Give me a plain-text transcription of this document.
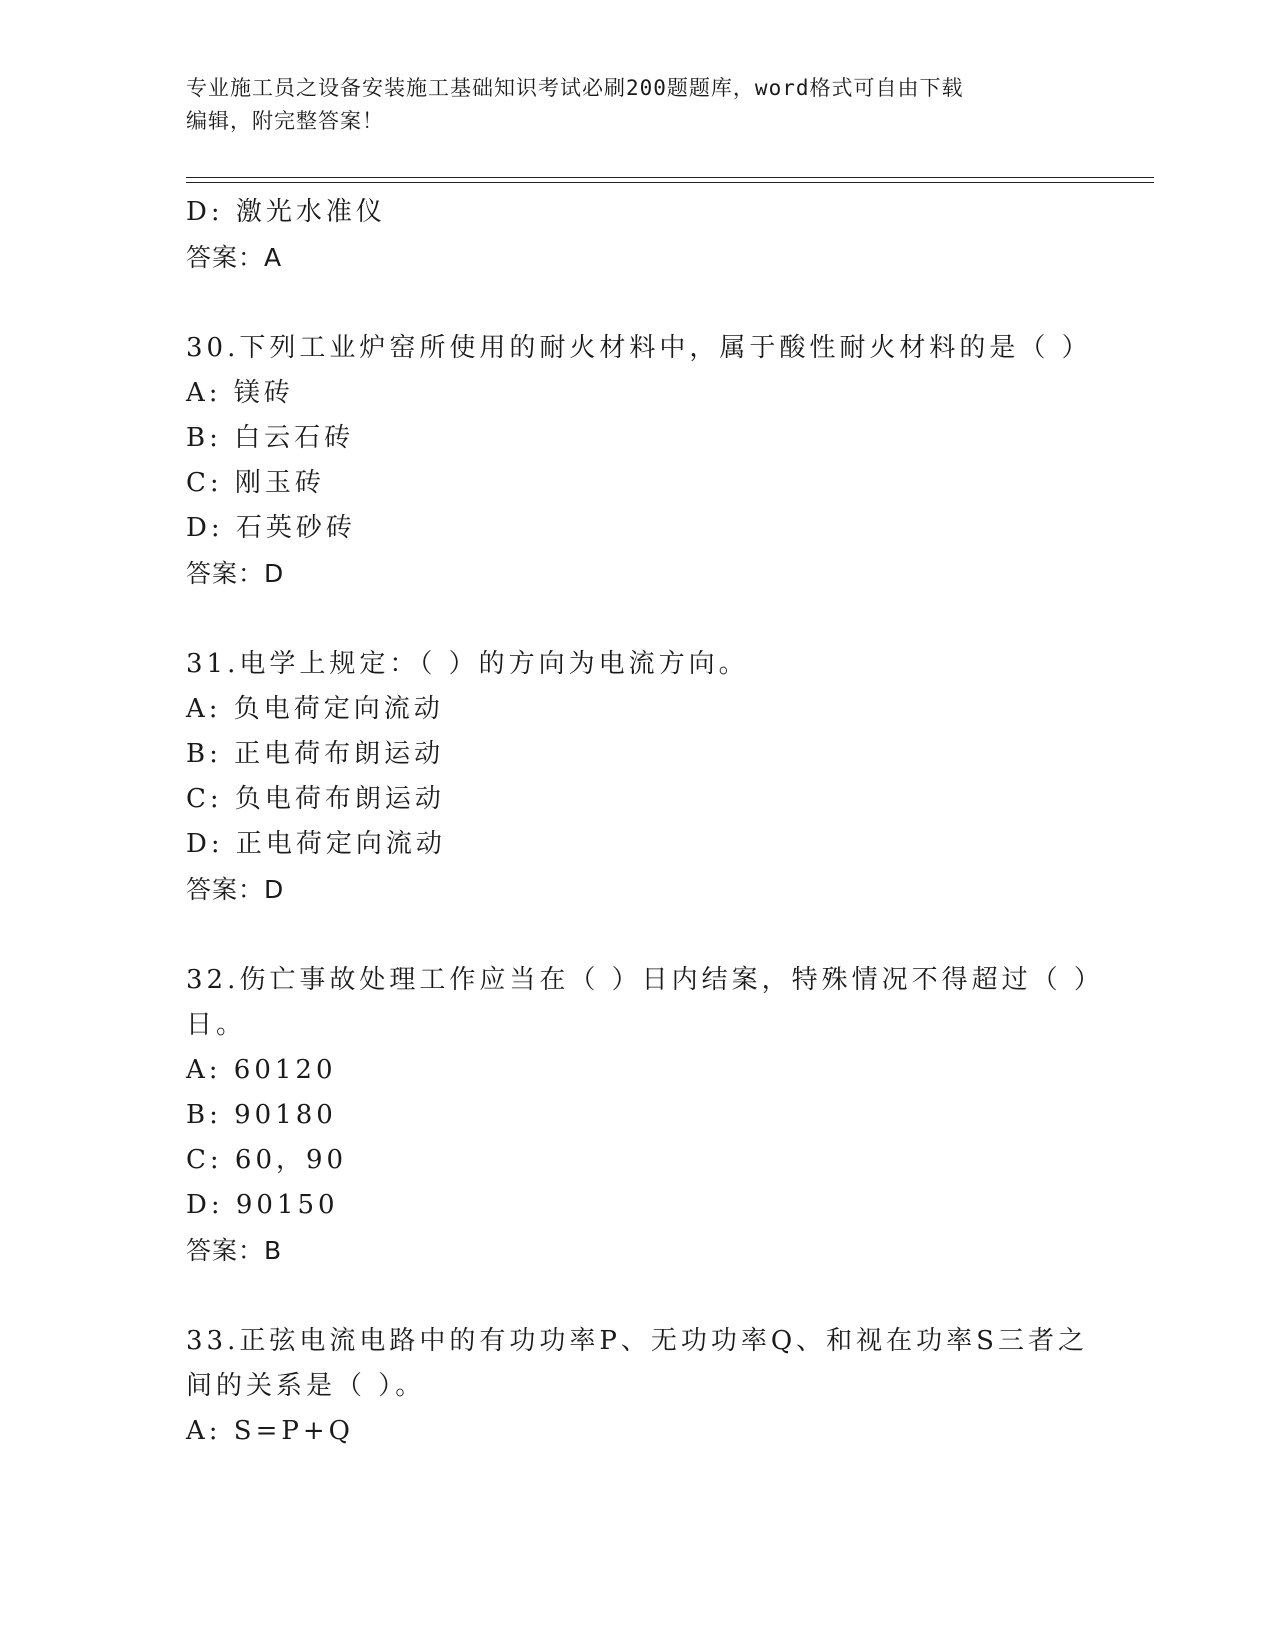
专业施工员之设备安装施工基础知识考试必刷200题题库，word格式可自由下载
编辑，附完整答案！
D: 激光水准仪
答案：A
30.下列工业炉窑所使用的耐火材料中，属于酸性耐火材料的是（ ）
A: 镁砖
B: 白云石砖
C: 刚玉砖
D: 石英砂砖
答案：D
31.电学上规定：（ ）的方向为电流方向。
A: 负电荷定向流动
B: 正电荷布朗运动
C: 负电荷布朗运动
D: 正电荷定向流动
答案：D
32.伤亡事故处理工作应当在（ ）日内结案，特殊情况不得超过（ ）
日。
A: 60120
B: 90180
C: 60，90
D: 90150
答案：B
33.正弦电流电路中的有功功率P、无功功率Q、和视在功率S三者之
间的关系是（ ）。
A: S=P+Q
